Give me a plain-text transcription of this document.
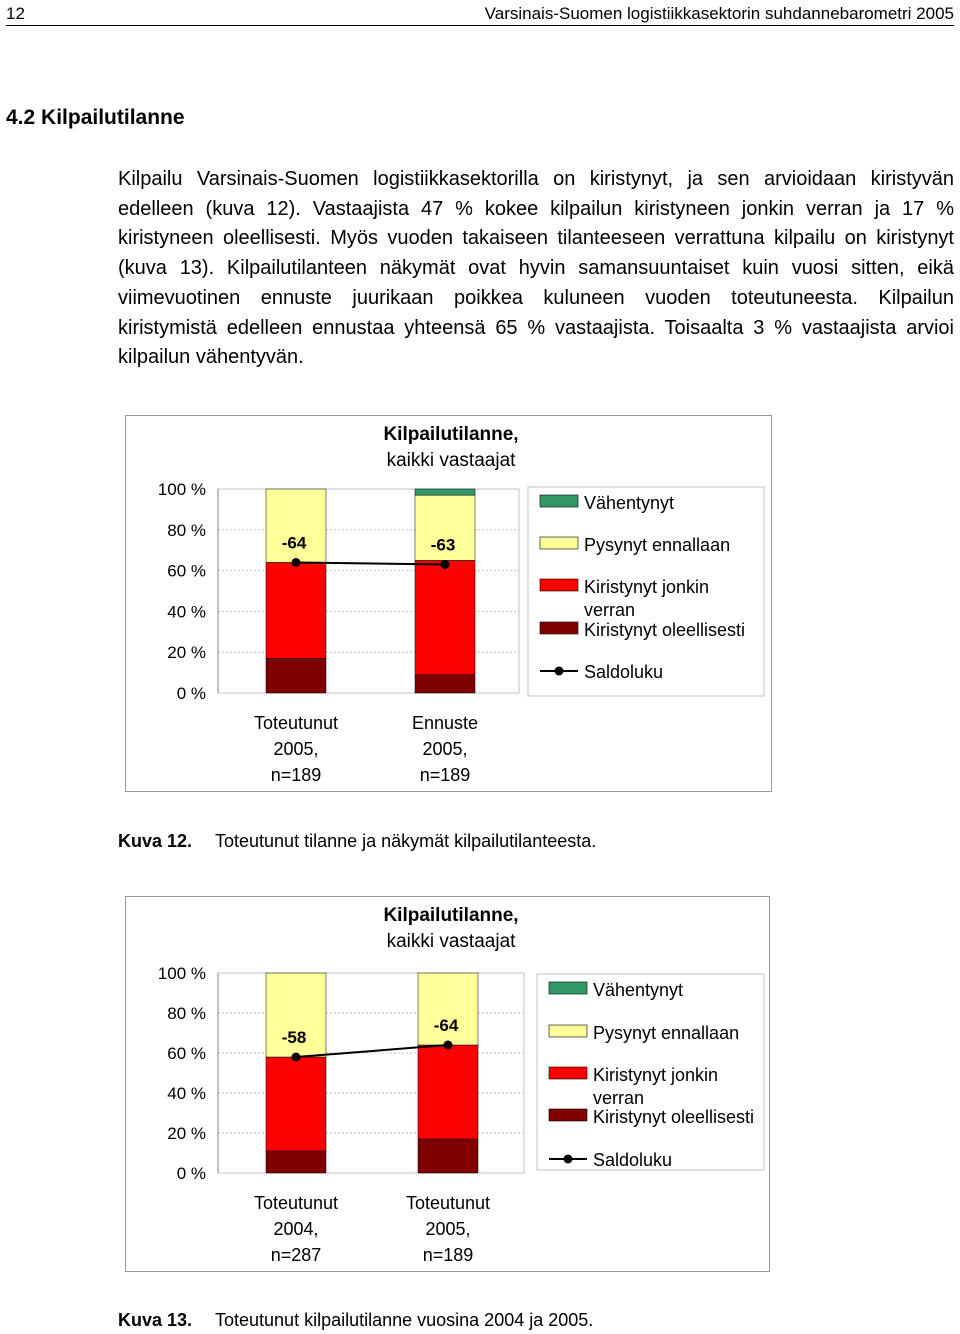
12	Varsinais-Suomen logistiikkasektorin suhdannebarometri 2005
4.2 Kilpailutilanne
Kilpailu Varsinais-Suomen logistiikkasektorilla on kiristynyt, ja sen arvioidaan kiristyvän edelleen (kuva 12). Vastaajista 47 % kokee kilpailun kiristyneen jonkin verran ja 17 % kiristyneen oleellisesti. Myös vuoden takaiseen tilanteeseen verrattuna kilpailu on kiristynyt (kuva 13). Kilpailutilanteen näkymät ovat hyvin samansuuntaiset kuin vuosi sitten, eikä viimevuotinen ennuste juurikaan poikkea kuluneen vuoden toteutuneesta. Kilpailun kiristymistä edelleen ennustaa yhteensä 65 % vastaajista. Toisaalta 3 % vastaajista arvioi kilpailun vähentyvän.
Kilpailutilanne,
kaikki vastaajat
0 %
20 %
40 %
60 %
80 %
100 %
Toteutunut
2005,
n=189
Ennuste
2005,
n=189
-64	-63
Vähentynyt
Pysynyt ennallaan
Kiristynyt jonkin
verran
Kiristynyt oleellisesti
Saldoluku
Kuva 12. Toteutunut tilanne ja näkymät kilpailutilanteesta.
Kilpailutilanne,
kaikki vastaajat
0 %
20 %
40 %
60 %
80 %
100 %
Toteutunut
2004,
n=287
Toteutunut
2005,
n=189
-58
-64
Vähentynyt
Pysynyt ennallaan
Kiristynyt jonkin
verran
Kiristynyt oleellisesti
Saldoluku
Kuva 13. Toteutunut kilpailutilanne vuosina 2004 ja 2005.
